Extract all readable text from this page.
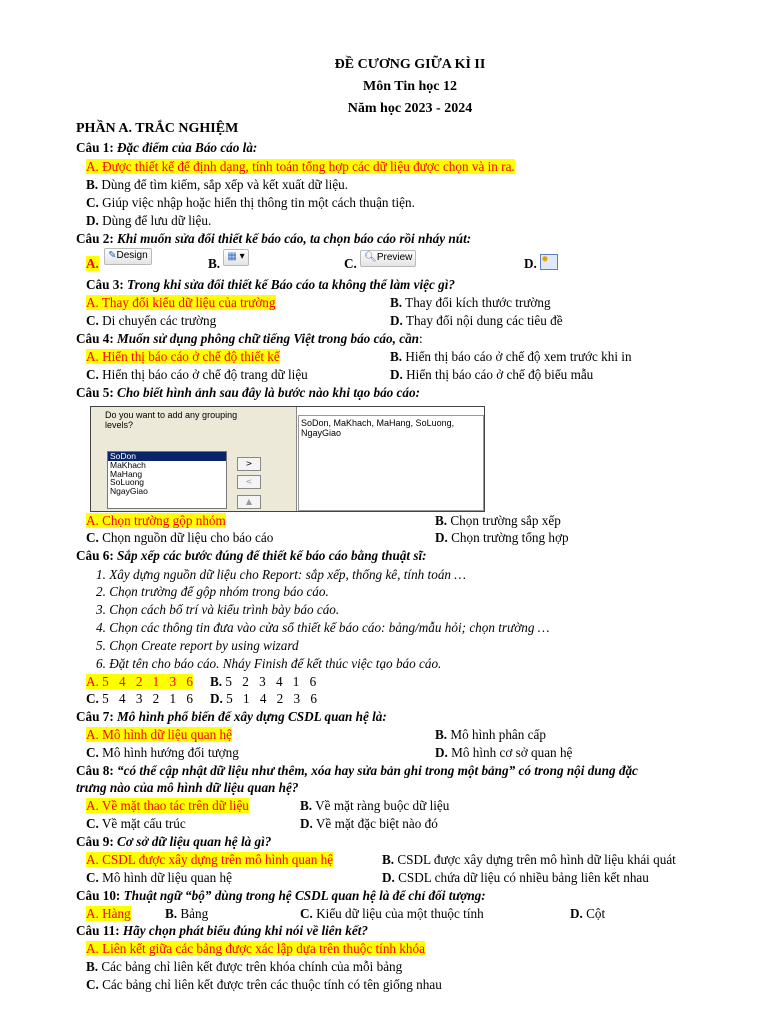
ĐỀ CƯƠNG GIỮA KÌ II
Môn Tin học 12
Năm học 2023 - 2024
PHẦN A. TRẮC NGHIỆM
Câu 1: Đặc điểm của Báo cáo là:
A. Được thiết kế để định dạng, tính toán tổng hợp các dữ liệu được chọn và in ra.
B. Dùng để tìm kiếm, sắp xếp và kết xuất dữ liệu.
C. Giúp việc nhập hoặc hiển thị thông tin một cách thuận tiện.
D. Dùng để lưu dữ liệu.
Câu 2: Khi muốn sửa đổi thiết kế báo cáo, ta chọn báo cáo rồi nháy nút:
A. ✎Design
B. ▦ ▾	C. 🔍︎Preview	D. ✸
Câu 3: Trong khi sửa đổi thiết kế Báo cáo ta không thể làm việc gì?
A. Thay đổi kiểu dữ liệu của trường	B. Thay đổi kích thước trường
C. Di chuyển các trường	D. Thay đổi nội dung các tiêu đề
Câu 4: Muốn sử dụng phông chữ tiếng Việt trong báo cáo, cần:
A. Hiển thị báo cáo ở chế độ thiết kế	B. Hiển thị báo cáo ở chế độ xem trước khi in
C. Hiển thị báo cáo ở chế độ trang dữ liệu	D. Hiển thị báo cáo ở chế độ biểu mẫu
Câu 5: Cho biết hình ảnh sau đây là bước nào khi tạo báo cáo:
Do you want to add any grouping levels?
SoDon
MaKhach
MaHang
SoLuong
NgayGiao
>
<
▲
SoDon, MaKhach, MaHang, SoLuong, NgayGiao
A. Chọn trường gộp nhóm	B. Chọn trường sắp xếp
C. Chọn nguồn dữ liệu cho báo cáo	D. Chọn trường tổng hợp
Câu 6: Sắp xếp các bước đúng để thiết kế báo cáo bằng thuật sĩ:
1. Xây dựng nguồn dữ liệu cho Report: sắp xếp, thống kê, tính toán …
2. Chọn trường để gộp nhóm trong báo cáo.
3. Chọn cách bố trí và kiểu trình bày báo cáo.
4. Chọn các thông tin đưa vào cửa sổ thiết kế báo cáo: bảng/mẫu hỏi; chọn trường …
5. Chọn Create report by using wizard
6. Đặt tên cho báo cáo. Nháy Finish để kết thúc việc tạo báo cáo.
A. 5􀃆4􀃆2􀃆1􀃆3􀃆6 B. 5􀃆2􀃆3􀃆4􀃆1􀃆6
C. 5􀃆4􀃆3􀃆2􀃆1􀃆6 D. 5􀃆1􀃆4􀃆2􀃆3􀃆6
Câu 7: Mô hình phổ biến để xây dựng CSDL quan hệ là:
A. Mô hình dữ liệu quan hệ	B. Mô hình phân cấp
C. Mô hình hướng đối tượng	D. Mô hình cơ sở quan hệ
Câu 8: “có thể cập nhật dữ liệu như thêm, xóa hay sửa bản ghi trong một bảng” có trong nội dung đặc
trưng nào của mô hình dữ liệu quan hệ?
A. Về mặt thao tác trên dữ liệu	B. Về mặt ràng buộc dữ liệu
C. Về mặt cấu trúc	D. Về mặt đặc biệt nào đó
Câu 9: Cơ sở dữ liệu quan hệ là gì?
A. CSDL được xây dựng trên mô hình quan hệ	B. CSDL được xây dựng trên mô hình dữ liệu khái quát
C. Mô hình dữ liệu quan hệ	D. CSDL chứa dữ liệu có nhiều bảng liên kết nhau
Câu 10: Thuật ngữ “bộ” dùng trong hệ CSDL quan hệ là để chỉ đối tượng:
A. Hàng	B. Bảng	C. Kiểu dữ liệu của một thuộc tính	D. Cột
Câu 11: Hãy chọn phát biểu đúng khi nói về liên kết?
A. Liên kết giữa các bảng được xác lập dựa trên thuộc tính khóa
B. Các bảng chỉ liên kết được trên khóa chính của mỗi bảng
C. Các bảng chỉ liên kết được trên các thuộc tính có tên giống nhau
